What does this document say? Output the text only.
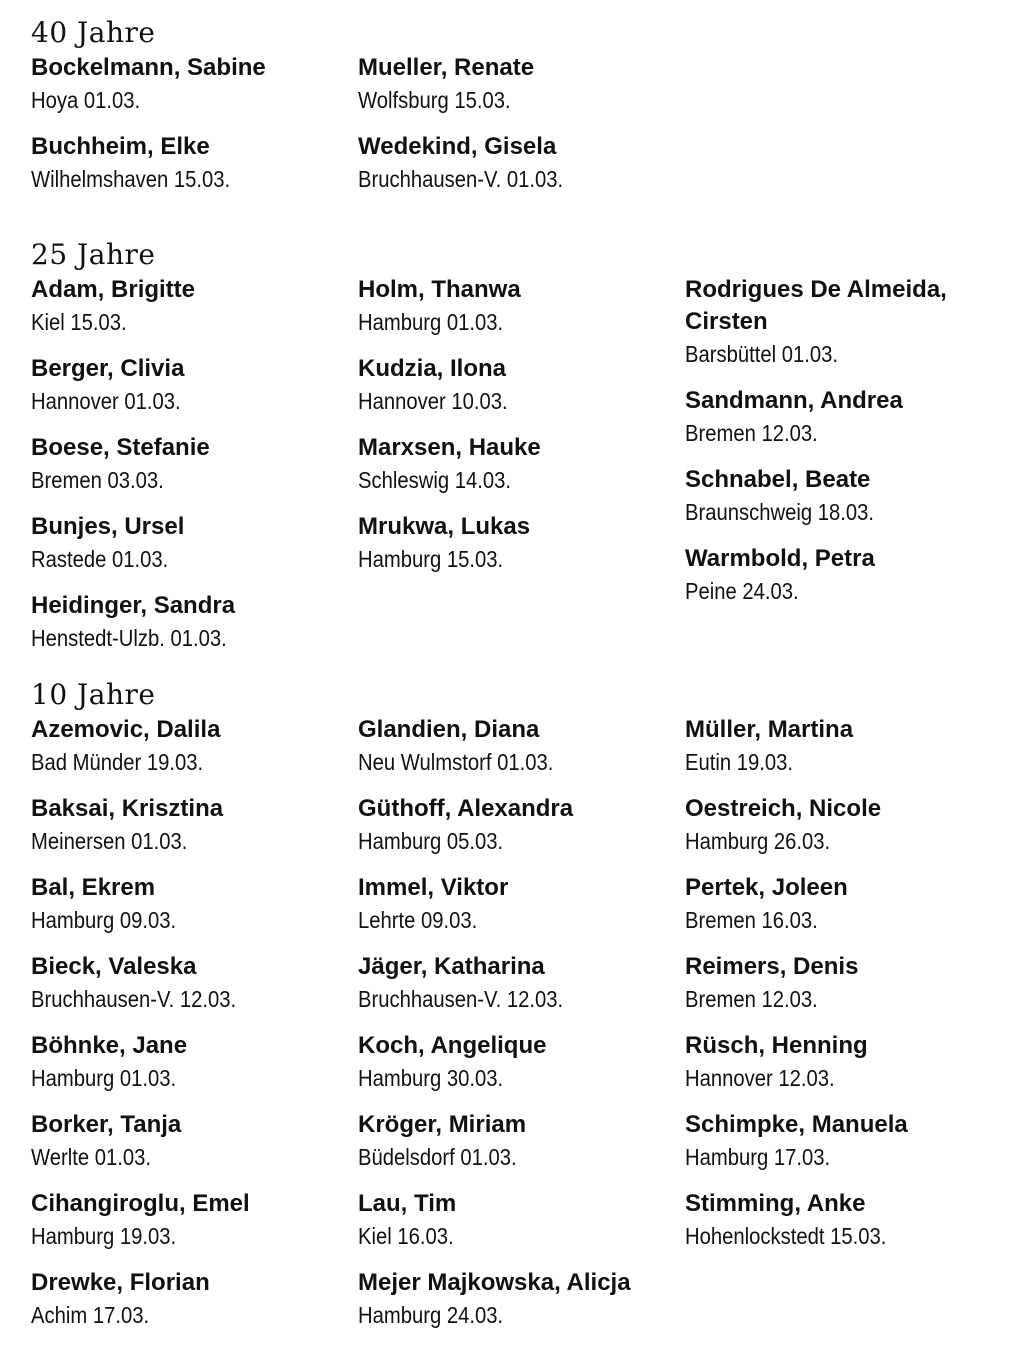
40 Jahre
Bockelmann, Sabine
Hoya 01.03.
Buchheim, Elke
Wilhelmshaven 15.03.
Mueller, Renate
Wolfsburg 15.03.
Wedekind, Gisela
Bruchhausen-V. 01.03.
25 Jahre
Adam, Brigitte
Kiel 15.03.
Berger, Clivia
Hannover 01.03.
Boese, Stefanie
Bremen 03.03.
Bunjes, Ursel
Rastede 01.03.
Heidinger, Sandra
Henstedt-Ulzb. 01.03.
Holm, Thanwa
Hamburg 01.03.
Kudzia, Ilona
Hannover 10.03.
Marxsen, Hauke
Schleswig 14.03.
Mrukwa, Lukas
Hamburg 15.03.
Rodrigues De Almeida, Cirsten
Barsbüttel 01.03.
Sandmann, Andrea
Bremen 12.03.
Schnabel, Beate
Braunschweig 18.03.
Warmbold, Petra
Peine 24.03.
10 Jahre
Azemovic, Dalila
Bad Münder 19.03.
Baksai, Krisztina
Meinersen 01.03.
Bal, Ekrem
Hamburg 09.03.
Bieck, Valeska
Bruchhausen-V. 12.03.
Böhnke, Jane
Hamburg 01.03.
Borker, Tanja
Werlte 01.03.
Cihangiroglu, Emel
Hamburg 19.03.
Drewke, Florian
Achim 17.03.
Glandien, Diana
Neu Wulmstorf 01.03.
Güthoff, Alexandra
Hamburg 05.03.
Immel, Viktor
Lehrte 09.03.
Jäger, Katharina
Bruchhausen-V. 12.03.
Koch, Angelique
Hamburg 30.03.
Kröger, Miriam
Büdelsdorf 01.03.
Lau, Tim
Kiel 16.03.
Mejer Majkowska, Alicja
Hamburg 24.03.
Müller, Martina
Eutin 19.03.
Oestreich, Nicole
Hamburg 26.03.
Pertek, Joleen
Bremen 16.03.
Reimers, Denis
Bremen 12.03.
Rüsch, Henning
Hannover 12.03.
Schimpke, Manuela
Hamburg 17.03.
Stimming, Anke
Hohenlockstedt 15.03.
